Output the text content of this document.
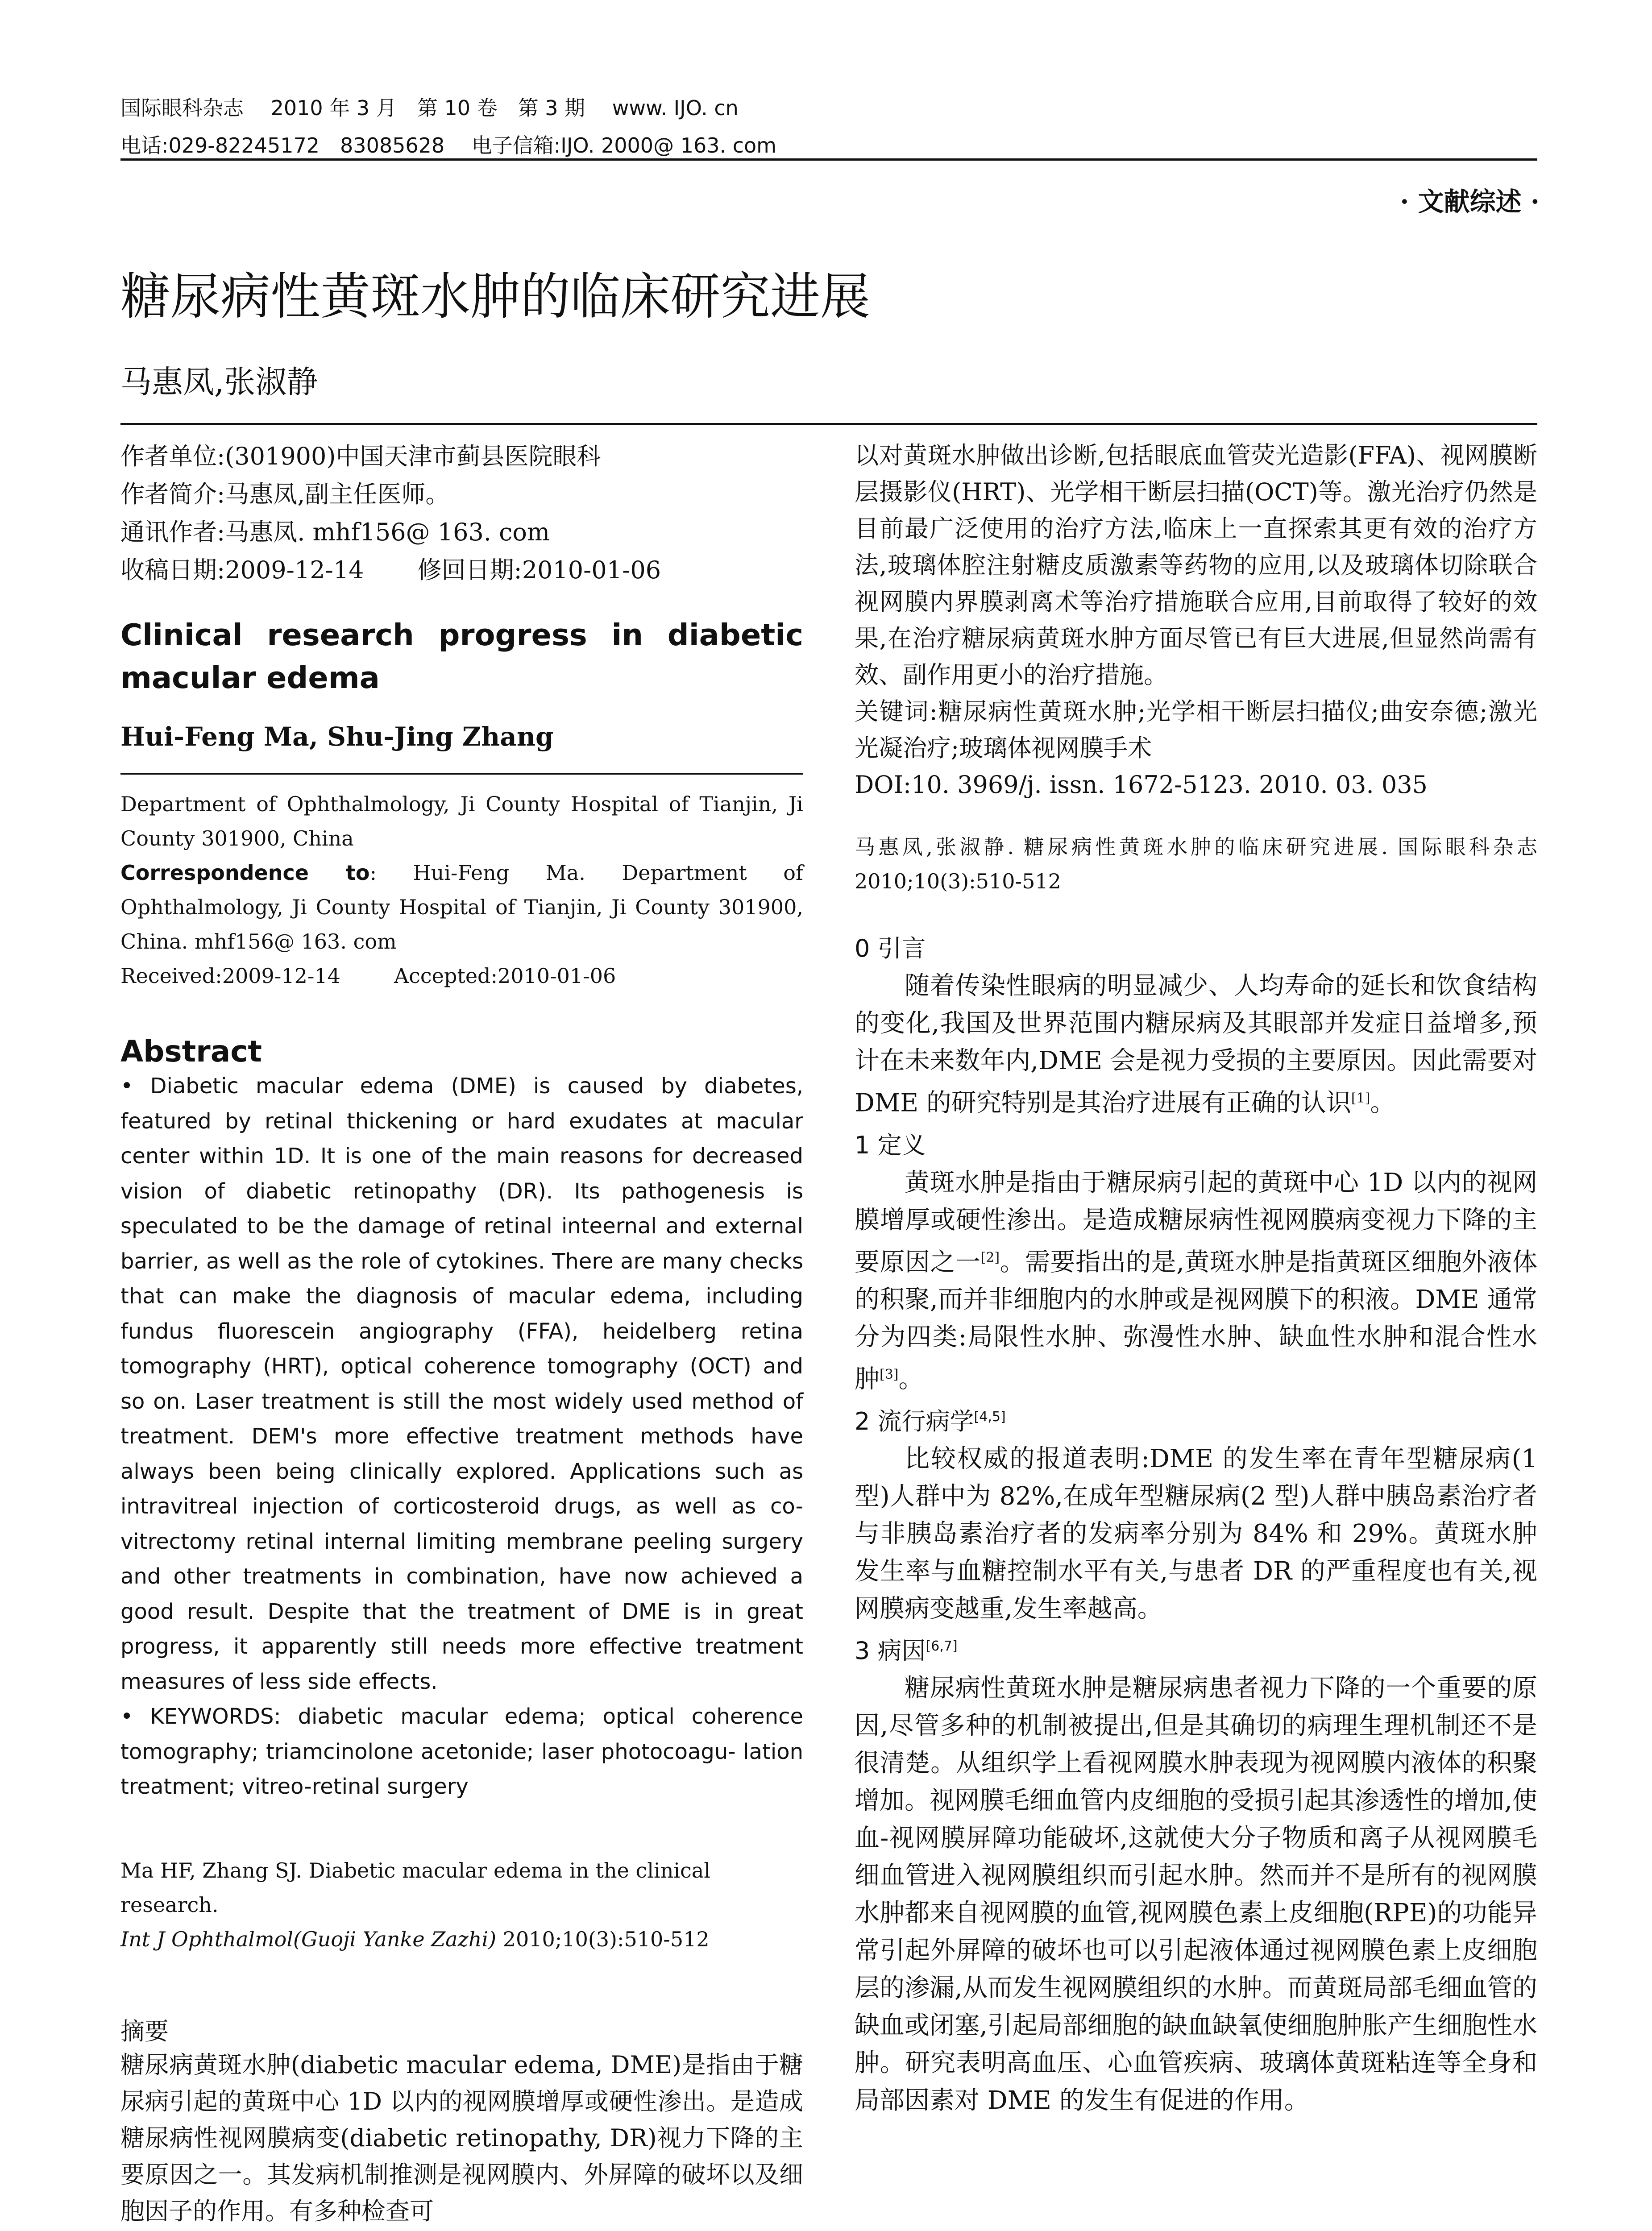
国际眼科杂志　 2010 年 3 月　第 10 卷　第 3 期　 www. IJO. cn
电话:029-82245172　83085628　 电子信箱:IJO. 2000@ 163. com
· 文献综述 ·
糖尿病性黄斑水肿的临床研究进展
马惠凤,张淑静
作者单位:(301900)中国天津市蓟县医院眼科
作者简介:马惠凤,副主任医师。
通讯作者:马惠凤. mhf156@ 163. com
收稿日期:2009-12-14 修回日期:2010-01-06
Clinical research progress in diabetic macular edema
Hui-Feng Ma, Shu-Jing Zhang
Department of Ophthalmology, Ji County Hospital of Tianjin, Ji County 301900, China
Correspondence to: Hui-Feng Ma. Department of Ophthalmology, Ji County Hospital of Tianjin, Ji County 301900, China. mhf156@ 163. com
Received:2009-12-14	Accepted:2010-01-06
Abstract
• Diabetic macular edema (DME) is caused by diabetes, featured by retinal thickening or hard exudates at macular center within 1D. It is one of the main reasons for decreased vision of diabetic retinopathy (DR). Its pathogenesis is speculated to be the damage of retinal inteernal and external barrier, as well as the role of cytokines. There are many checks that can make the diagnosis of macular edema, including fundus fluorescein angiography (FFA), heidelberg retina tomography (HRT), optical coherence tomography (OCT) and so on. Laser treatment is still the most widely used method of treatment. DEM's more effective treatment methods have always been being clinically explored. Applications such as intravitreal injection of corticosteroid drugs, as well as co-vitrectomy retinal internal limiting membrane peeling surgery and other treatments in combination, have now achieved a good result. Despite that the treatment of DME is in great progress, it apparently still needs more effective treatment measures of less side effects.
• KEYWORDS: diabetic macular edema; optical coherence tomography; triamcinolone acetonide; laser photocoagu- lation treatment; vitreo-retinal surgery
Ma HF, Zhang SJ. Diabetic macular edema in the clinical research.
Int J Ophthalmol(Guoji Yanke Zazhi) 2010;10(3):510-512
摘要
糖尿病黄斑水肿(diabetic macular edema, DME)是指由于糖尿病引起的黄斑中心 1D 以内的视网膜增厚或硬性渗出。是造成糖尿病性视网膜病变(diabetic retinopathy, DR)视力下降的主要原因之一。其发病机制推测是视网膜内、外屏障的破坏以及细胞因子的作用。有多种检查可
以对黄斑水肿做出诊断,包括眼底血管荧光造影(FFA)、视网膜断层摄影仪(HRT)、光学相干断层扫描(OCT)等。激光治疗仍然是目前最广泛使用的治疗方法,临床上一直探索其更有效的治疗方法,玻璃体腔注射糖皮质激素等药物的应用,以及玻璃体切除联合视网膜内界膜剥离术等治疗措施联合应用,目前取得了较好的效果,在治疗糖尿病黄斑水肿方面尽管已有巨大进展,但显然尚需有效、副作用更小的治疗措施。
关键词:糖尿病性黄斑水肿;光学相干断层扫描仪;曲安奈德;激光光凝治疗;玻璃体视网膜手术
DOI:10. 3969/j. issn. 1672-5123. 2010. 03. 035
马惠凤,张淑静. 糖尿病性黄斑水肿的临床研究进展. 国际眼科杂志 2010;10(3):510-512
0 引言
随着传染性眼病的明显减少、人均寿命的延长和饮食结构的变化,我国及世界范围内糖尿病及其眼部并发症日益增多,预计在未来数年内,DME 会是视力受损的主要原因。因此需要对 DME 的研究特别是其治疗进展有正确的认识[1]。
1 定义
黄斑水肿是指由于糖尿病引起的黄斑中心 1D 以内的视网膜增厚或硬性渗出。是造成糖尿病性视网膜病变视力下降的主要原因之一[2]。需要指出的是,黄斑水肿是指黄斑区细胞外液体的积聚,而并非细胞内的水肿或是视网膜下的积液。DME 通常分为四类:局限性水肿、弥漫性水肿、缺血性水肿和混合性水肿[3]。
2 流行病学[4,5]
比较权威的报道表明:DME 的发生率在青年型糖尿病(1 型)人群中为 82%,在成年型糖尿病(2 型)人群中胰岛素治疗者与非胰岛素治疗者的发病率分别为 84% 和 29%。黄斑水肿发生率与血糖控制水平有关,与患者 DR 的严重程度也有关,视网膜病变越重,发生率越高。
3 病因[6,7]
糖尿病性黄斑水肿是糖尿病患者视力下降的一个重要的原因,尽管多种的机制被提出,但是其确切的病理生理机制还不是很清楚。从组织学上看视网膜水肿表现为视网膜内液体的积聚增加。视网膜毛细血管内皮细胞的受损引起其渗透性的增加,使血-视网膜屏障功能破坏,这就使大分子物质和离子从视网膜毛细血管进入视网膜组织而引起水肿。然而并不是所有的视网膜水肿都来自视网膜的血管,视网膜色素上皮细胞(RPE)的功能异常引起外屏障的破坏也可以引起液体通过视网膜色素上皮细胞层的渗漏,从而发生视网膜组织的水肿。而黄斑局部毛细血管的缺血或闭塞,引起局部细胞的缺血缺氧使细胞肿胀产生细胞性水肿。研究表明高血压、心血管疾病、玻璃体黄斑粘连等全身和局部因素对 DME 的发生有促进的作用。
